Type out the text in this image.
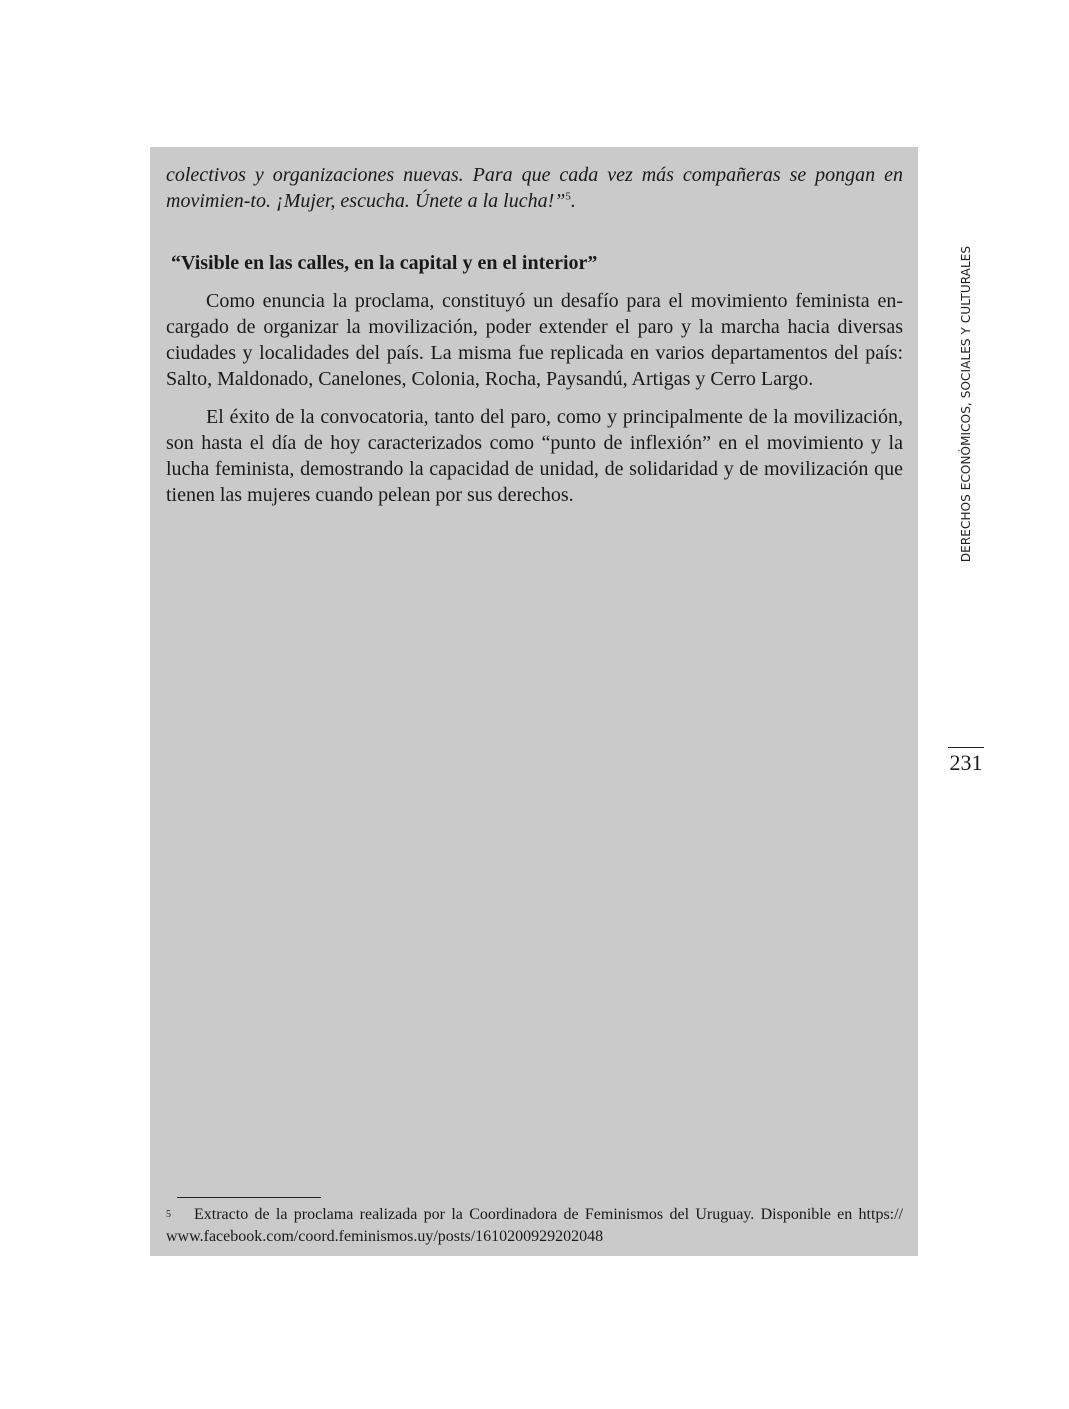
colectivos y organizaciones nuevas. Para que cada vez más compañeras se pongan en movimien-to. ¡Mujer, escucha. Únete a la lucha!”$^5$.
“Visible en las calles, en la capital y en el interior”
Como enuncia la proclama, constituyó un desafío para el movimiento feminista en-cargado de organizar la movilización, poder extender el paro y la marcha hacia diversas ciudades y localidades del país. La misma fue replicada en varios departamentos del país: Salto, Maldonado, Canelones, Colonia, Rocha, Paysandú, Artigas y Cerro Largo.
El éxito de la convocatoria, tanto del paro, como y principalmente de la movilización, son hasta el día de hoy caracterizados como “punto de inflexión” en el movimiento y la lucha feminista, demostrando la capacidad de unidad, de solidaridad y de movilización que tienen las mujeres cuando pelean por sus derechos.
5 Extracto de la proclama realizada por la Coordinadora de Feminismos del Uruguay. Disponible en https:// www.facebook.com/coord.feminismos.uy/posts/1610200929202048
DERECHOS ECONÓMICOS, SOCIALES Y CULTURALES
231
